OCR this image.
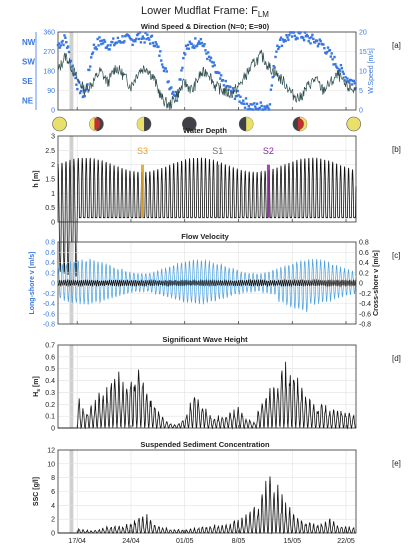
Lower Mudflat Frame: $F_{LM}$
0
90
180
270
360
0
5
10
15
20
NE
SE
SW
NW
Wind Speed & Direction (N=0; E=90)
W.Speed [m/s]
[a]
0
0.5
1
1.5
2
2.5
3
Water Depth
S3	S1	S2
h [m]
[b]
-0.8	-0.8
-0.6	-0.6
-0.4	-0.4
-0.2	-0.2
0	0
0.2	0.2
0.4	0.4
0.6	0.6
0.8	0.8
Flow Velocity
Long-shore v [m/s]	Cross-shore v [m/s] [c]
0
0.1
0.2
0.3
0.4
0.5
0.6
0.7
Significant Wave Height
$H_s$ [m]
[d]
0
2
4
6
8
10
12
Suspended Sediment Concentration
SSC [g/l]
[e]
17/04	24/04	01/05	8/05	15/05	22/05
